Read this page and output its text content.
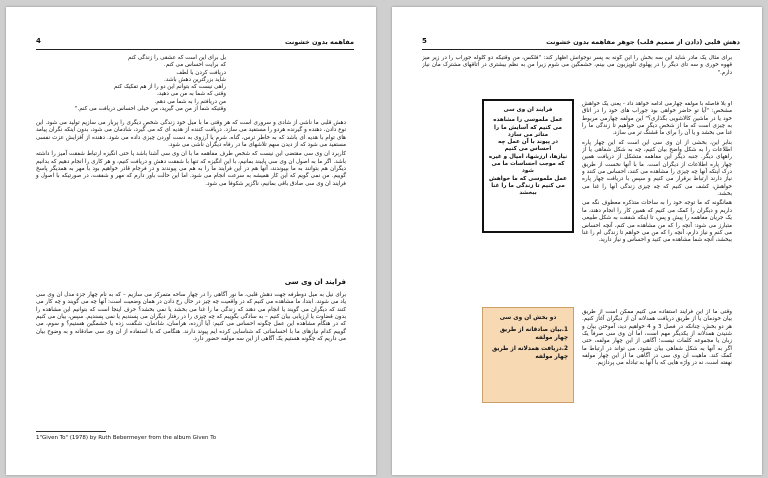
مفاهمه بدون خشونت
4
بل برای این است که عشقی را زندگی کنم
که برایت احساس می کنم.
دریافت کردن با لطف
شاید بزرگترین دهش باشد.
راهی نیست که بتوانم این دو را از هم تفکیک کنم
وقتی که شما به من می دهید،
من دریافتم را به شما می دهم.
وقتیکه شما از من می گیرید، من خیلی احساس دریافت می کنم."

دهش قلبی ما ناشی از شادی و سروری است که هر وقتی ما با میل خود زندگی شخص دیگری را پربار می سازیم تولید می شود. این نوع دادن، دهنده و گیرنده هردو را مستفید می سازد. دریافت کننده از هدیه ای که می گیرد، شادمان می شود، بدون اینکه نگران پیامد های توام با هدیه ای باشد که به خاطر ترس، گناه، شرم یا آرزوی به دست آوردن چیزی داده می شود. دهنده از آفزایش عزت نفسی مستفید می شود که از دیدن سهم تلاشهای ما در رفاه دیگران ناشی می شود.

کاربرد ان وی سی مقتضی این نیست که شخص طرف مفاهمه ما با ان وی سی آشنا باشد یا حتی انگیزه ارتباط شفقت آمیز را داشته باشد. اگر ما به اصول ان وی سی پایبند بمانیم، با این انگیزه که تنها با شفقت دهش و دریافت کنیم، و هر کاری را انجام دهیم که بدانیم دیگران هم بتوانند به ما بپیوندند، آنها هم در این فرایند ما را به هم می پیوندند و در فرجام قادر خواهیم بود با مهر به همدیگر پاسخ گوییم. من نمی گویم که این کار همیشه به سرعت انجام می شود. اما این حالت باور دارم که مهر و شفقت، در صورتیکه با اصول و فرایند ان وی سی صادق باقی بمانیم، ناگزیر شکوفا می شود.

فرایند ان وی سی

برای نیل به میل دوطرفه جهت دهش قلبی، ما نور آگاهی را در چهار ساحه متمرکز می سازیم – که به نام چهار جزء مدل ان وی سی یاد می شوند. ابتدا، ما مشاهده می کنیم که در واقعیت چه چیز در حال رخ دادن در همان وضعیت است: آنها چه می گویند و چه کار می کنند که دیگران می گویند یا انجام می دهند که زندگی ما را غنا می بخشد یا نمی بخشد؟ حرف اینجا است که بتوانیم این مشاهده را بدون قضاوت یا ارزیابی بیان کنیم – به سادگی بگوییم که چه چیزی را در رفتار دیگران می پسندیم یا نمی پسندیم. سپس، بیان می کنیم که در هنگام مشاهده این عمل چگونه احساس می کنیم: آیا آزرده، هراسان، شادمان، شگفت زده یا خشمگین هستیم؟ و سوم، می گوییم کدام نیازهای ما با احساساتی که شناسایی کرده ایم پیوند دارند. هنگامی که با استفاده از ان وی سی صادقانه و به وضوح بیان می داریم که چگونه هستیم یک آگاهی از این سه مولفه حضور دارد.

1"Given To" (1978) by Ruth Bebermeyer from the album Given To
دهش قلبی (دادن از صمیم قلب) جوهر مفاهمه بدون خشونت
5

برای مثال یک مادر شاید این سه بخش را این گونه به پسر نوجوانش اظهار کند: "فلکس، من وقتیکه دو گلوله جوراب را در زیر میز قهوه خوری و سه تای دیگر را در پهلوی تلویزیون می بینم، خشمگین می شوم زیرا من به نظم بیشتری در اتاقهای مشترک مان نیاز دارم."

او بلا فاصله با مولفه چهارمی ادامه خواهد داد - یعنی یک خواهش مشخص: "آیا تو حاضر خواهی بود جوراب های خود را در اتاق خود یا در ماشین کالاشویی بگذاری؟" این مولفه چهارمی مربوط به چیزی است که ما از شخص دیگر می خواهیم تا زندگی ما را غنا می بخشد و یا آن را برای ما قشنگ تر می سازد.

بنابر این، بخشی از ان وی سی این است که این چهار پاره اطلاعات را به شکل واضح بیان کنیم، چه به شکل شفاهی یا از راههای دیگر. جنبه دیگر این مفاهمه متشکل از دریافت همین چهار پاره اطلاعات از دیگران است. ما با آنها نخست از طریق درک اینکه آنها چه چیزی را مشاهده می کنند، احساس می کنند و نیاز دارند ارتباط برقرار می کنیم و سپس با دریافت چهار پاره خواهش، کشف می کنیم که چه چیزی زندگی آنها را غنا می بخشد.

همانگونه که ما توجه خود را به ساحات متذکره معطوف نگه می داریم و دیگران را کمک می کنیم که همین کار را انجام دهند، ما یک جریان مفاهمه را پیش و پس، تا اینکه شفقت به شکل طبیعی متبارز می شود: آنچه را که من مشاهده می کنم، آنچه احساس می کنم و نیاز دارم، آنچه را که من می خواهم تا زندگی ام را غنا ببخشد، آنچه شما مشاهده می کنید و احساس و نیاز دارید.

فرایند ان وی سی
عمل ملموسی را مشاهده می کنیم که آسایش ما را متاثر می سازد
در پیوند با آن عمل چه احساس می کنیم
نیازها، ارزشها، امیال و غیره که موجب احساسات ما می شود
عمل ملموسی که ما خواهش می کنیم تا زندگی ما را غنا ببخشد

وقتی ما از این فرایند استفاده می کنیم ممکن است از طریق بیان خودمان یا از طریق دریافت همدلانه آن از دیگران آغاز کنیم. هر دو بخش، چنانکه در فصل 3 و 4 خواهیم دید، آموختن بیان و شنیدن همدلانه از یکدیگر مهم است، اما ان وی سی صرفاً یک زبان یا مجموعه کلمات نیست؛ آگاهی از این چهار مولفه، حتی اگر به آنها به شکل شفاهی بیان نشود، می تواند در ارتباط ما کمک کند. ماهیت ان وی سی در آگاهی ما از این چهار مولفه نهفته است، نه در واژه هایی که با آنها به تبادله می پردازیم.

دو بخش ان وی سی
1.بیان صادقانه از طریق چهار مولفه
2.دریافت همدلانه از طریق چهار مولفه
